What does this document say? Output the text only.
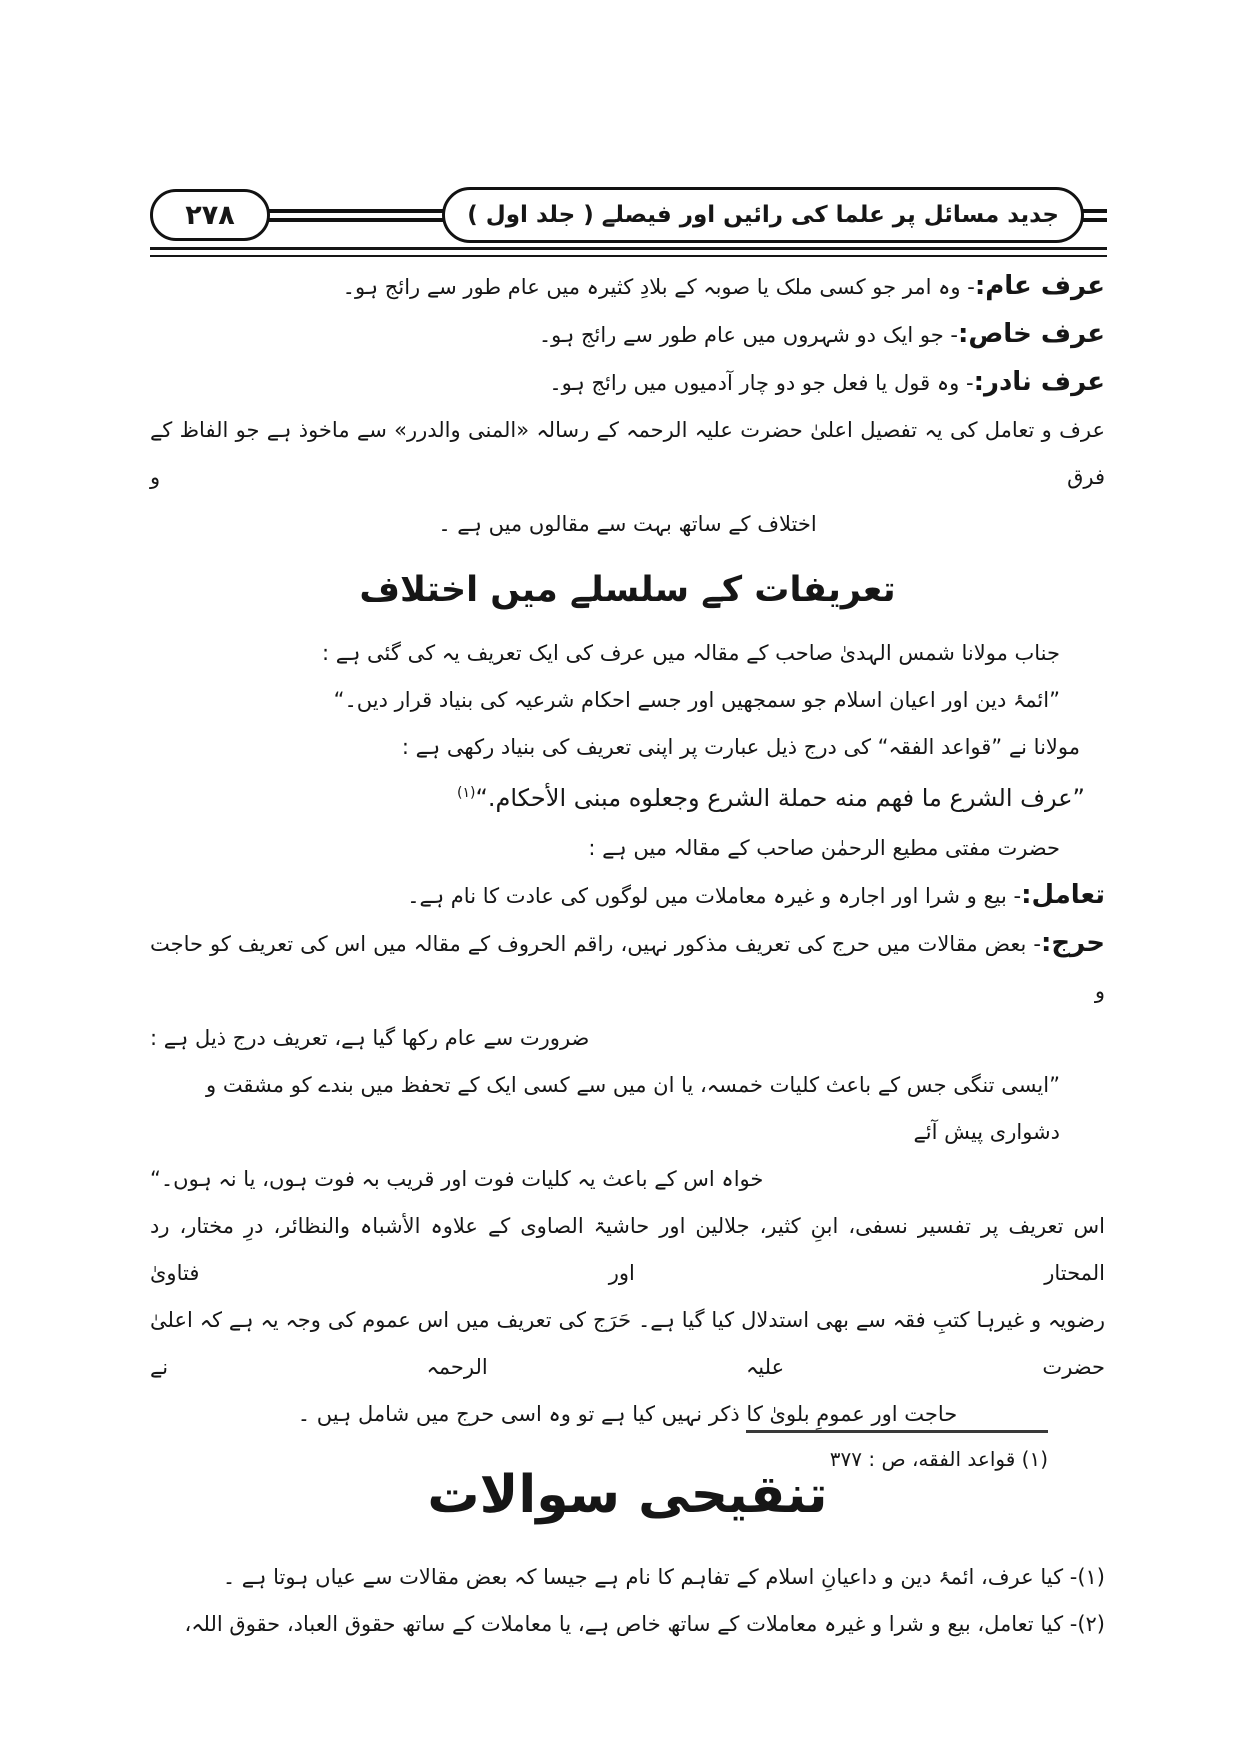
۲۷۸	جدید مسائل پر علما کی رائیں اور فیصلے ( جلد اول )
عرف عام:- وہ امر جو کسی ملک یا صوبہ کے بلادِ کثیرہ میں عام طور سے رائج ہو۔
عرف خاص:- جو ایک دو شہروں میں عام طور سے رائج ہو۔
عرف نادر:- وہ قول یا فعل جو دو چار آدمیوں میں رائج ہو۔
عرف و تعامل کی یہ تفصیل اعلیٰ حضرت علیہ الرحمہ کے رسالہ «المنی والدرر» سے ماخوذ ہے جو الفاظ کے فرق و
اختلاف کے ساتھ بہت سے مقالوں میں ہے ۔
تعریفات کے سلسلے میں اختلاف
جناب مولانا شمس الہدیٰ صاحب کے مقالہ میں عرف کی ایک تعریف یہ کی گئی ہے :
”ائمۂ دین اور اعیان اسلام جو سمجھیں اور جسے احکام شرعیہ کی بنیاد قرار دیں۔“
مولانا نے ”قواعد الفقہ“ کی درج ذیل عبارت پر اپنی تعریف کی بنیاد رکھی ہے :
”عرف الشرع ما فهم منه حملة الشرع وجعلوه مبنى الأحكام.“$^{(۱)}$
حضرت مفتی مطیع الرحمٰن صاحب کے مقالہ میں ہے :
تعامل:- بیع و شرا اور اجارہ و غیرہ معاملات میں لوگوں کی عادت کا نام ہے۔
حرج:- بعض مقالات میں حرج کی تعریف مذکور نہیں، راقم الحروف کے مقالہ میں اس کی تعریف کو حاجت و
ضرورت سے عام رکھا گیا ہے، تعریف درج ذیل ہے :
”ایسی تنگی جس کے باعث کلیات خمسہ، یا ان میں سے کسی ایک کے تحفظ میں بندے کو مشقت و دشواری پیش آئے
خواہ اس کے باعث یہ کلیات فوت اور قریب بہ فوت ہوں، یا نہ ہوں۔“
اس تعریف پر تفسیر نسفی، ابنِ کثیر، جلالین اور حاشیۃ الصاوی کے علاوہ الأشباہ والنظائر، درِ مختار، رد المحتار اور فتاویٰ
رضویہ و غیرہا کتبِ فقہ سے بھی استدلال کیا گیا ہے۔ حَرَج کی تعریف میں اس عموم کی وجہ یہ ہے کہ اعلیٰ حضرت علیہ الرحمہ نے
حاجت اور عمومِ بلویٰ کا ذکر نہیں کیا ہے تو وہ اسی حرج میں شامل ہیں ۔
تنقیحی سوالات
(۱)- کیا عرف، ائمۂ دین و داعیانِ اسلام کے تفاہم کا نام ہے جیسا کہ بعض مقالات سے عیاں ہوتا ہے ۔
(۲)- کیا تعامل، بیع و شرا و غیرہ معاملات کے ساتھ خاص ہے، یا معاملات کے ساتھ حقوق العباد، حقوق اللہ،
(۱) قواعد الفقه، ص : ۳۷۷
